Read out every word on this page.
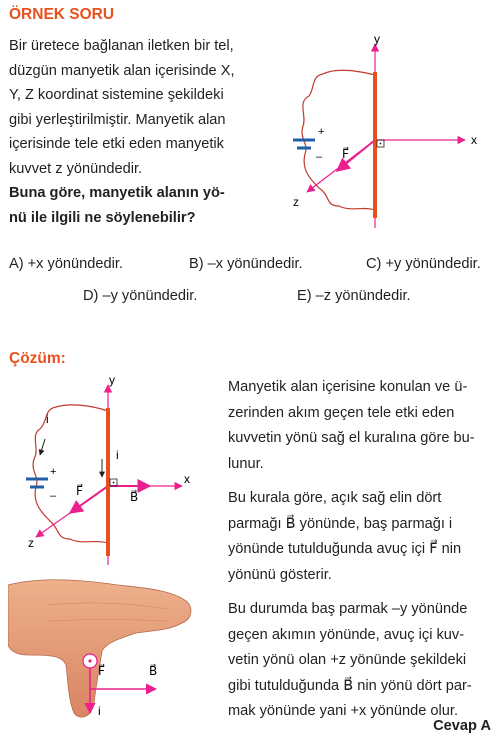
ÖRNEK SORU
Bir üretece bağlanan iletken bir tel,
düzgün manyetik alan içerisinde X,
Y, Z koordinat sistemine şekildeki
gibi yerleştirilmiştir. Manyetik alan
içerisinde tele etki eden manyetik
kuvvet z yönündedir.
Buna göre, manyetik alanın yö-
nü ile ilgili ne söylenebilir?
+
– F⃗
y
x
z
A) +x yönündedir.	B) –x yönündedir.	C) +y yönündedir.
D) –y yönündedir.	E) –z yönündedir.
Çözüm:
+
– F⃗	B⃗
i
i
y
x
z
F⃗	B⃗
i
Manyetik alan içerisine konulan ve ü-
zerinden akım geçen tele etki eden
kuvvetin yönü sağ el kuralına göre bu-
lunur.
Bu kurala göre, açık sağ elin dört
parmağı B⃗ yönünde, baş parmağı i
yönünde tutulduğunda avuç içi F⃗ nin
yönünü gösterir.
Bu durumda baş parmak –y yönünde
geçen akımın yönünde, avuç içi kuv-
vetin yönü olan +z yönünde şekildeki
gibi tutulduğunda B⃗ nin yönü dört par-
mak yönünde yani +x yönünde olur.
Cevap A
